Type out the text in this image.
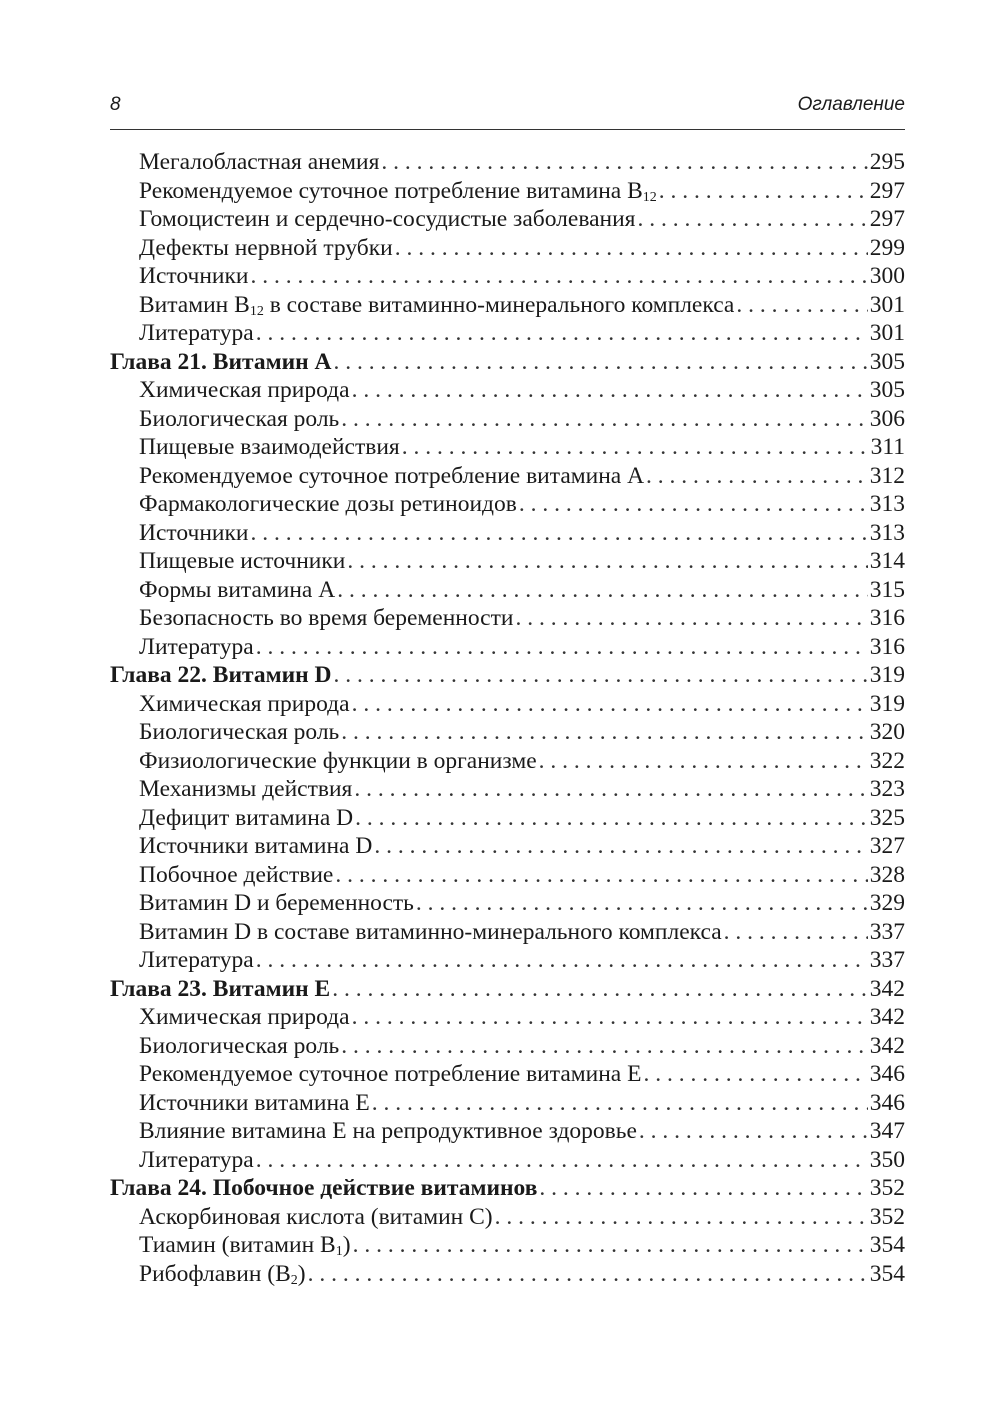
8	Оглавление
Мегалобластная анемия . . .	295
Рекомендуемое суточное потребление витамина $B_{12}$ . . .	297
Гомоцистеин и сердечно-сосудистые заболевания . . .	297
Дефекты нервной трубки . . .	299
Источники . . .	300
Витамин $B_{12}$ в составе витаминно-минерального комплекса . . .	301
Литература . . .	301
Глава 21. Витамин A . . .	305
Химическая природа . . .	305
Биологическая роль . . .	306
Пищевые взаимодействия . . .	311
Рекомендуемое суточное потребление витамина A . . .	312
Фармакологические дозы ретиноидов . . .	313
Источники . . .	313
Пищевые источники . . .	314
Формы витамина A . . .	315
Безопасность во время беременности . . .	316
Литература . . .	316
Глава 22. Витамин D . . .	319
Химическая природа . . .	319
Биологическая роль . . .	320
Физиологические функции в организме . . .	322
Механизмы действия . . .	323
Дефицит витамина D . . .	325
Источники витамина D . . .	327
Побочное действие . . .	328
Витамин D и беременность . . .	329
Витамин D в составе витаминно-минерального комплекса . . .	337
Литература . . .	337
Глава 23. Витамин E . . .	342
Химическая природа . . .	342
Биологическая роль . . .	342
Рекомендуемое суточное потребление витамина E . . .	346
Источники витамина E . . .	346
Влияние витамина E на репродуктивное здоровье . . .	347
Литература . . .	350
Глава 24. Побочное действие витаминов . . .	352
Аскорбиновая кислота (витамин C) . . .	352
Тиамин (витамин $B_1$) . . .	354
Рибофлавин $(B_2)$ . . .	354
